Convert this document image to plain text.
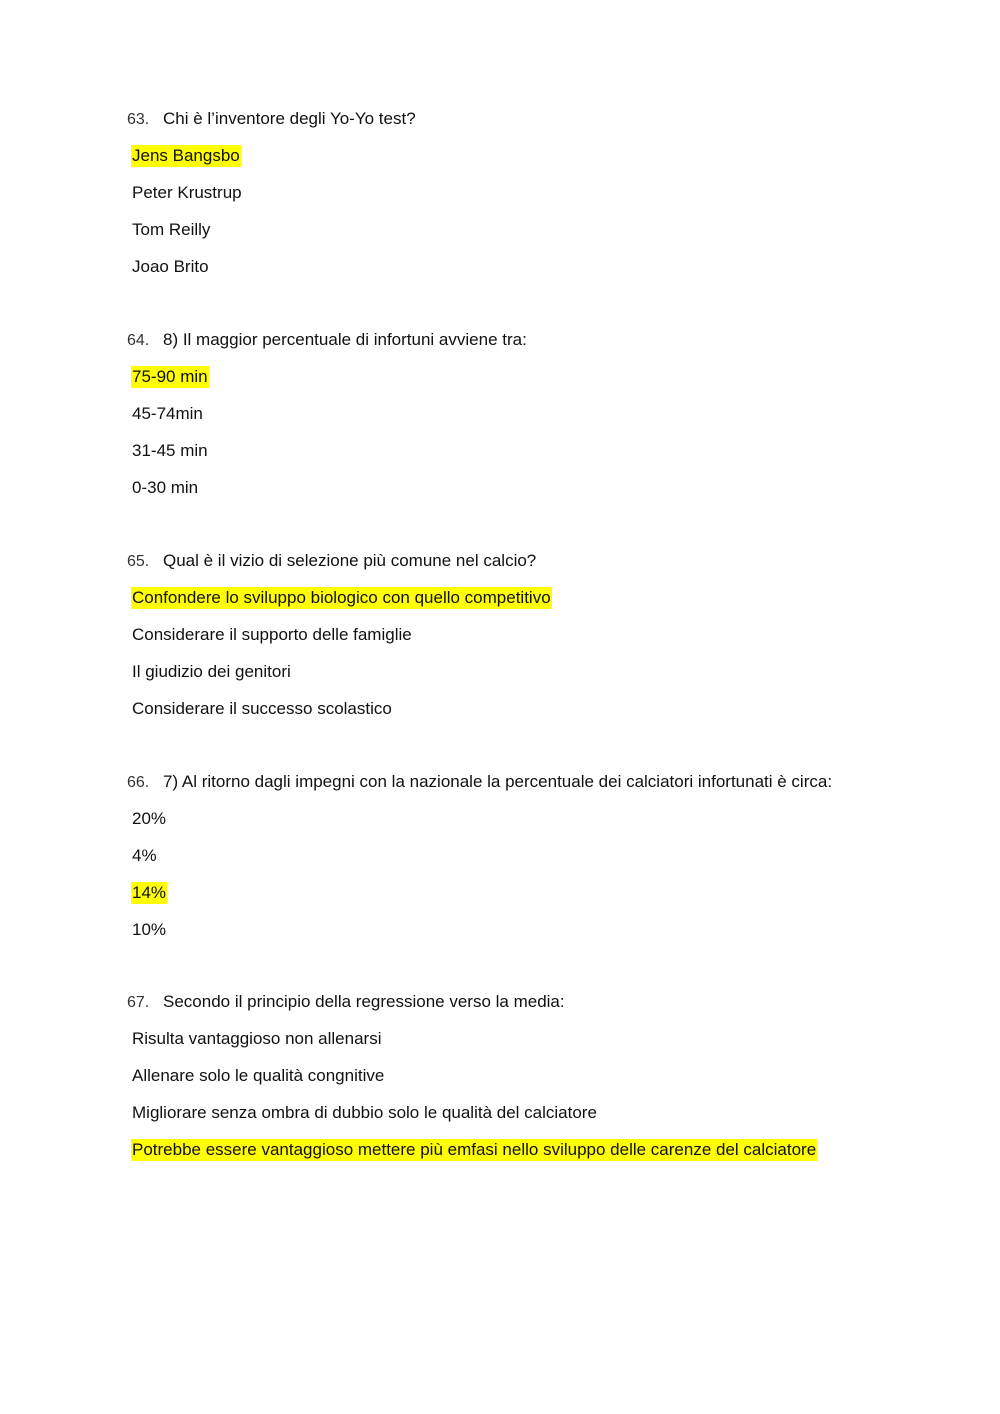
63. Chi è l’inventore degli Yo-Yo test?
Jens Bangsbo
Peter Krustrup
Tom Reilly
Joao Brito
64. 8) Il maggior percentuale di infortuni avviene tra:
75-90 min
45-74min
31-45 min
0-30 min
65. Qual è il vizio di selezione più comune nel calcio?
Confondere lo sviluppo biologico con quello competitivo
Considerare il supporto delle famiglie
Il giudizio dei genitori
Considerare il successo scolastico
66. 7) Al ritorno dagli impegni con la nazionale la percentuale dei calciatori infortunati è circa:
20%
4%
14%
10%
67. Secondo il principio della regressione verso la media:
Risulta vantaggioso non allenarsi
Allenare solo le qualità congnitive
Migliorare senza ombra di dubbio solo le qualità del calciatore
Potrebbe essere vantaggioso mettere più emfasi nello sviluppo delle carenze del calciatore
